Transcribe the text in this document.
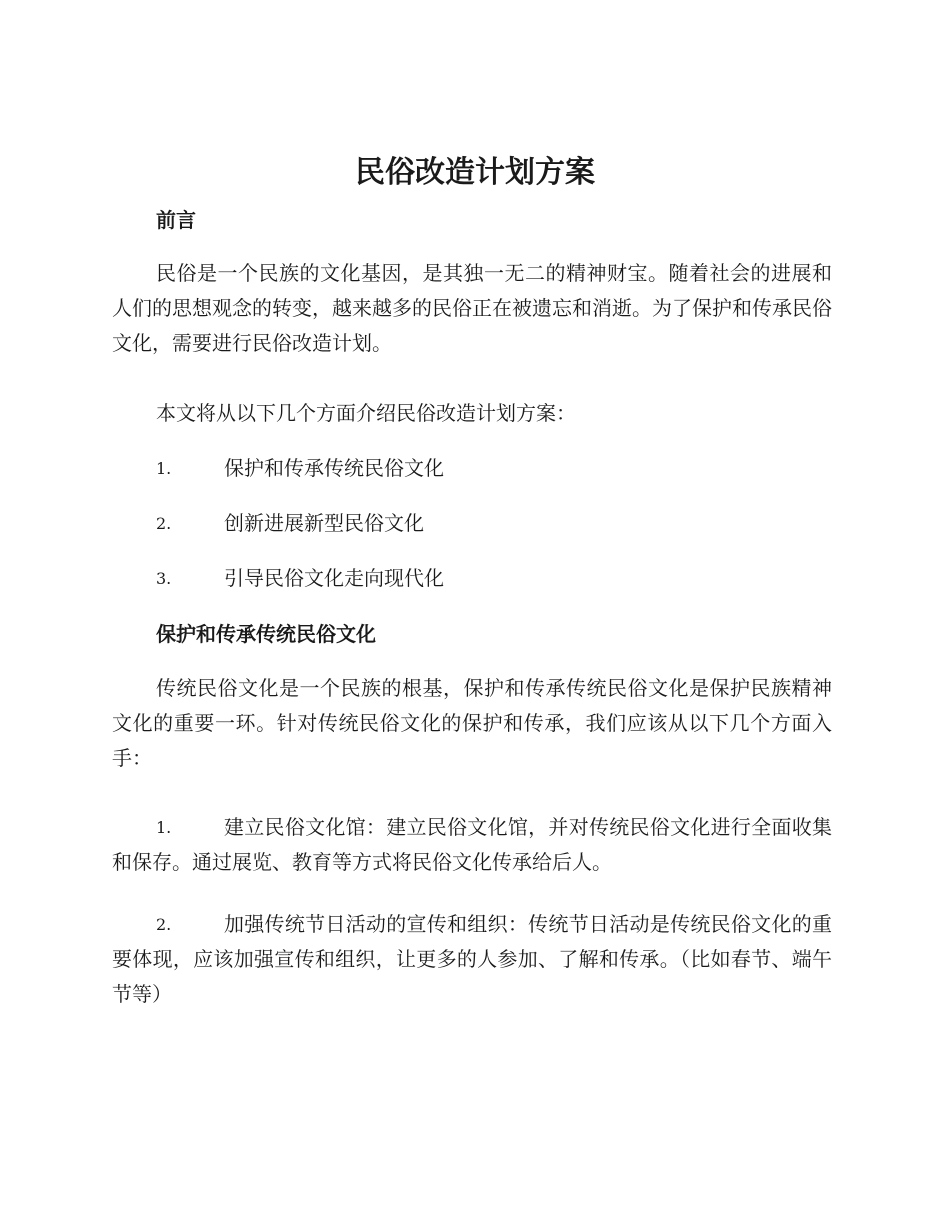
民俗改造计划方案
前言

民俗是一个民族的文化基因，是其独一无二的精神财宝。随着社会的进展和人们的思想观念的转变，越来越多的民俗正在被遗忘和消逝。为了保护和传承民俗文化，需要进行民俗改造计划。

本文将从以下几个方面介绍民俗改造计划方案：

1.	保护和传承传统民俗文化
2.	创新进展新型民俗文化
3.	引导民俗文化走向现代化
保护和传承传统民俗文化

传统民俗文化是一个民族的根基，保护和传承传统民俗文化是保护民族精神文化的重要一环。针对传统民俗文化的保护和传承，我们应该从以下几个方面入手：

1.	建立民俗文化馆：建立民俗文化馆，并对传统民俗文化进行全面收集和保存。通过展览、教育等方式将民俗文化传承给后人。
2.	加强传统节日活动的宣传和组织：传统节日活动是传统民俗文化的重要体现，应该加强宣传和组织，让更多的人参加、了解和传承。（比如春节、端午节等）
